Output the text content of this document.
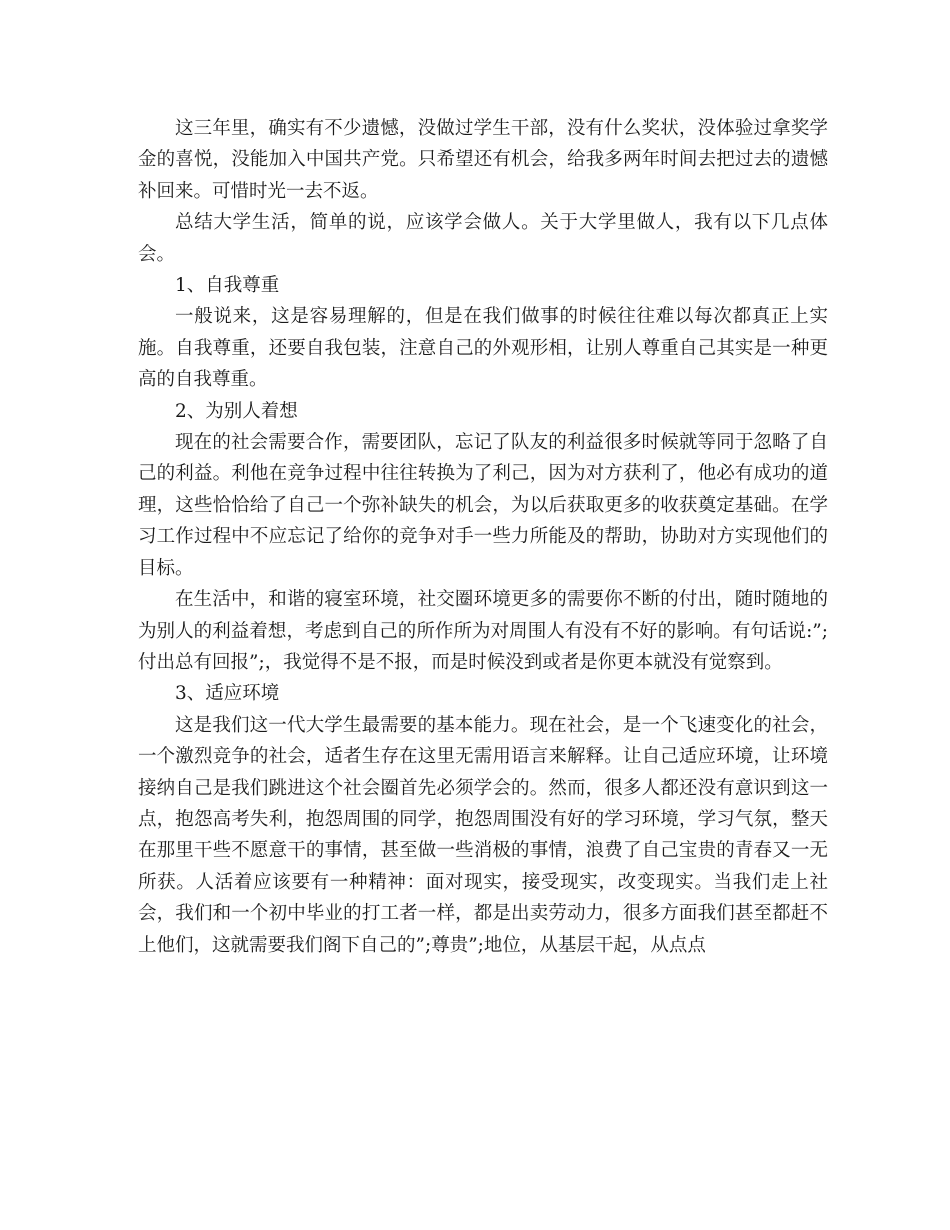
这三年里，确实有不少遗憾，没做过学生干部，没有什么奖状，没体验过拿奖学金的喜悦，没能加入中国共产党。只希望还有机会，给我多两年时间去把过去的遗憾补回来。可惜时光一去不返。

总结大学生活，简单的说，应该学会做人。关于大学里做人，我有以下几点体会。

1、自我尊重

一般说来，这是容易理解的，但是在我们做事的时候往往难以每次都真正上实施。自我尊重，还要自我包装，注意自己的外观形相，让别人尊重自己其实是一种更高的自我尊重。

2、为别人着想

现在的社会需要合作，需要团队，忘记了队友的利益很多时候就等同于忽略了自己的利益。利他在竞争过程中往往转换为了利己，因为对方获利了，他必有成功的道理，这些恰恰给了自己一个弥补缺失的机会，为以后获取更多的收获奠定基础。在学习工作过程中不应忘记了给你的竞争对手一些力所能及的帮助，协助对方实现他们的目标。

在生活中，和谐的寝室环境，社交圈环境更多的需要你不断的付出，随时随地的为别人的利益着想，考虑到自己的所作所为对周围人有没有不好的影响。有句话说:”;付出总有回报”;，我觉得不是不报，而是时候没到或者是你更本就没有觉察到。

3、适应环境

这是我们这一代大学生最需要的基本能力。现在社会，是一个飞速变化的社会，一个激烈竞争的社会，适者生存在这里无需用语言来解释。让自己适应环境，让环境接纳自己是我们跳进这个社会圈首先必须学会的。然而，很多人都还没有意识到这一点，抱怨高考失利，抱怨周围的同学，抱怨周围没有好的学习环境，学习气氛，整天在那里干些不愿意干的事情，甚至做一些消极的事情，浪费了自己宝贵的青春又一无所获。人活着应该要有一种精神：面对现实，接受现实，改变现实。当我们走上社会，我们和一个初中毕业的打工者一样，都是出卖劳动力，很多方面我们甚至都赶不上他们，这就需要我们阁下自己的”;尊贵”;地位，从基层干起，从点点
